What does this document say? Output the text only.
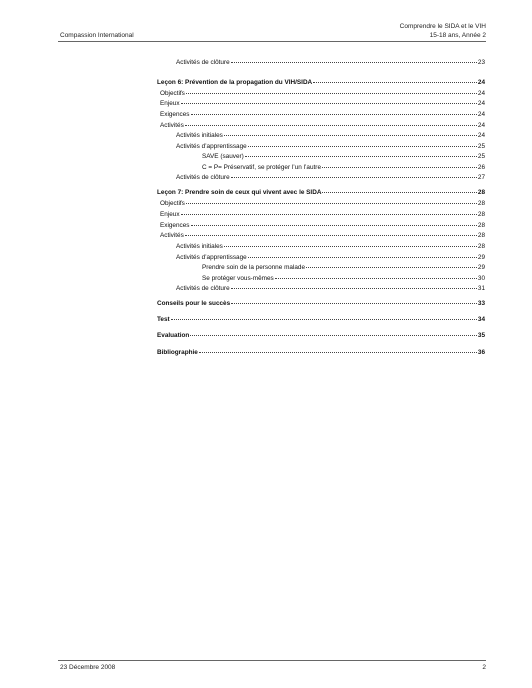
Compassion International
Comprendre le SIDA et le VIH
15-18 ans, Année 2
Activités de clôture	23
Leçon 6: Prévention de la propagation du VIH/SIDA	24
Objectifs	24
Enjeux	24
Exigences	24
Activités	24
Activités initiales	24
Activités d’apprentissage	25
SAVE (sauver)	25
C = P= Préservatif, se protéger l’un l’autre	26
Activités de clôture	27
Leçon 7: Prendre soin de ceux qui vivent avec le SIDA	28
Objectifs	28
Enjeux	28
Exigences	28
Activités	28
Activités initiales	28
Activités d’apprentissage	29
Prendre soin de la personne malade	29
Se protéger vous-mêmes	30
Activités de clôture	31
Conseils pour le succès	33
Test	34
Evaluation	35
Bibliographie	36
23 Décembre 2008	2
